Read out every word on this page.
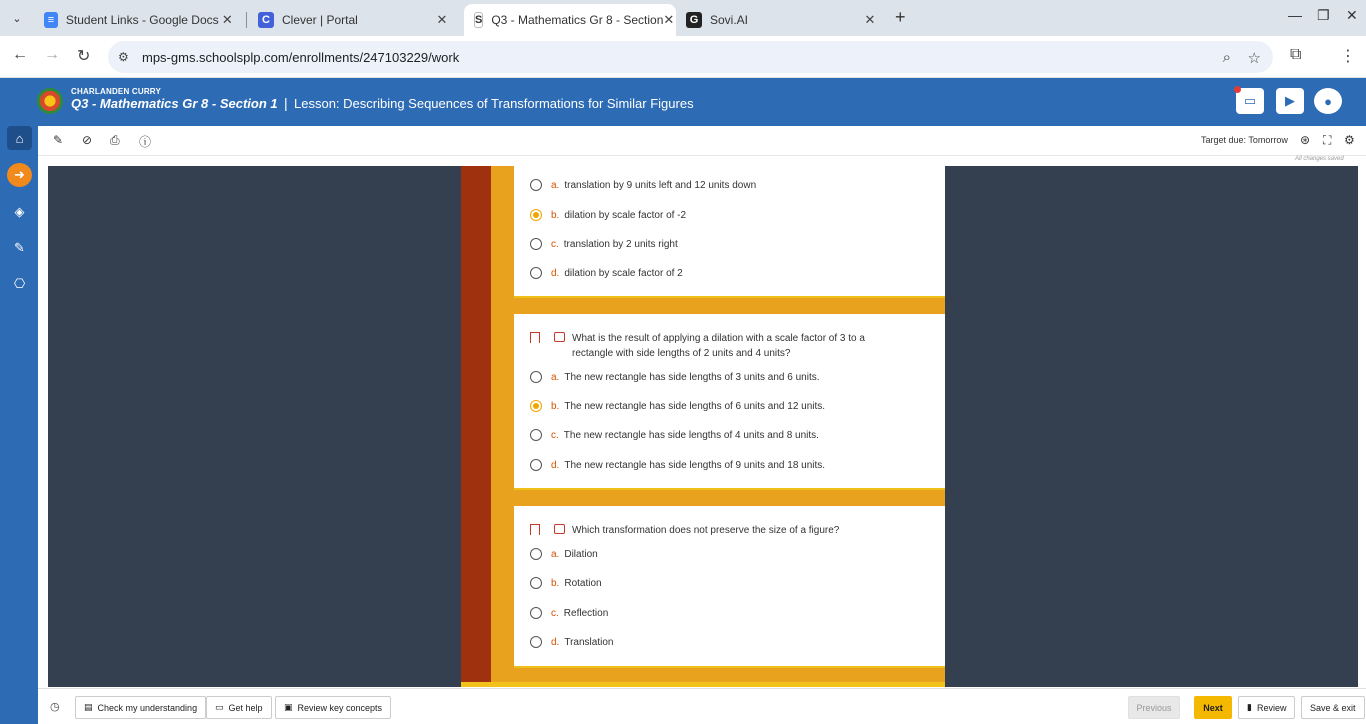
⌄	≡ Student Links - Google Docs ✕	C	Clever | Portal	✕	S Q3 - Mathematics Gr 8 - Section ✕	G Sovi.AI	✕ +	— ❐ ✕
← → ↻ ⚙	mps-gms.schoolsplp.com/enrollments/247103229/work	⌕ ☆ ⧉ ⋮
CHARLANDEN CURRY
Q3 - Mathematics Gr 8 - Section 1 | Lesson: Describing Sequences of Transformations for Similar Figures	▭	▶	●
⌂
➜
◈
✎
⎔
✎ ⊘ ⎙ ⓘ	Target due: Tomorrow ⊛ ⛶ ⚙
All changes saved
a. translation by 9 units left and 12 units down
b. dilation by scale factor of -2
c. translation by 2 units right
d. dilation by scale factor of 2
What is the result of applying a dilation with a scale factor of 3 to a rectangle with side lengths of 2 units and 4 units?
a. The new rectangle has side lengths of 3 units and 6 units.
b. The new rectangle has side lengths of 6 units and 12 units.
c. The new rectangle has side lengths of 4 units and 8 units.
d. The new rectangle has side lengths of 9 units and 18 units.
Which transformation does not preserve the size of a figure?
a. Dilation
b. Rotation
c. Reflection
d. Translation
◷	▤ Check my understanding ▭ Get help ▣ Review key concepts	Previous	Next	▮ Review	Save & exit
